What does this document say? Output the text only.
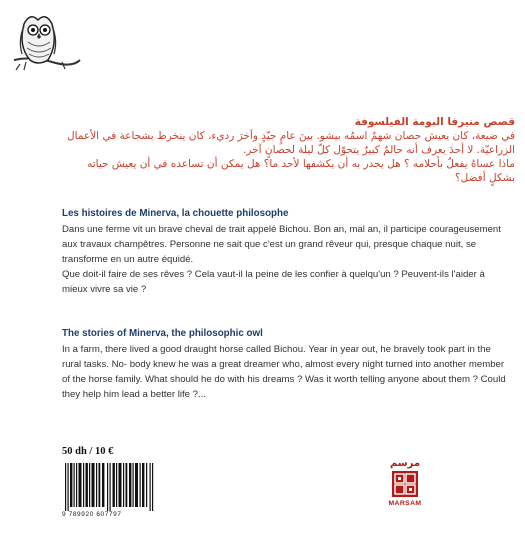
قصص منيرفا البومة الفيلسوفة

في ضيعة، كان يعيش حصان شهمٌ اسمُه بيشو. بينَ عامٍ جيّدٍ وآخرَ رديء، كان ينخرط بشجاعة في الأعمال الزراعيّة. لا أحدَ يعرف أنه حالمٌ كبيرٌ يتحوّل كلّ ليلة لحصانٍ آخر.

ماذا عساهُ يفعلُ بأحلامه ؟ هل يجدر به أن يكشفها لأحد ما؟ هل يمكن أن تساعده في أن يعيش حياته بشكلٍ أفضل؟

Les histoires de Minerva, la chouette philosophe

Dans une ferme vit un brave cheval de trait appelé Bichou. Bon an, mal an, il participe courageusement aux travaux champêtres. Personne ne sait que c'est un grand rêveur qui, presque chaque nuit, se transforme en un autre équidé.

Que doit-il faire de ses rêves ? Cela vaut-il la peine de les confier à quelqu'un ? Peuvent-ils l'aider à mieux vivre sa vie ?

The stories of Minerva, the philosophic owl

In a farm, there lived a good draught horse called Bichou. Year in year out, he bravely took part in the rural tasks. No- body knew he was a great dreamer who, almost every night turned into another member of the horse family. What should he do with his dreams ? Was it worth telling anyone about them ? Could they help him lead a better life ?...

50 dh / 10 €
9 789920 607797
مرسم
MARSAM
